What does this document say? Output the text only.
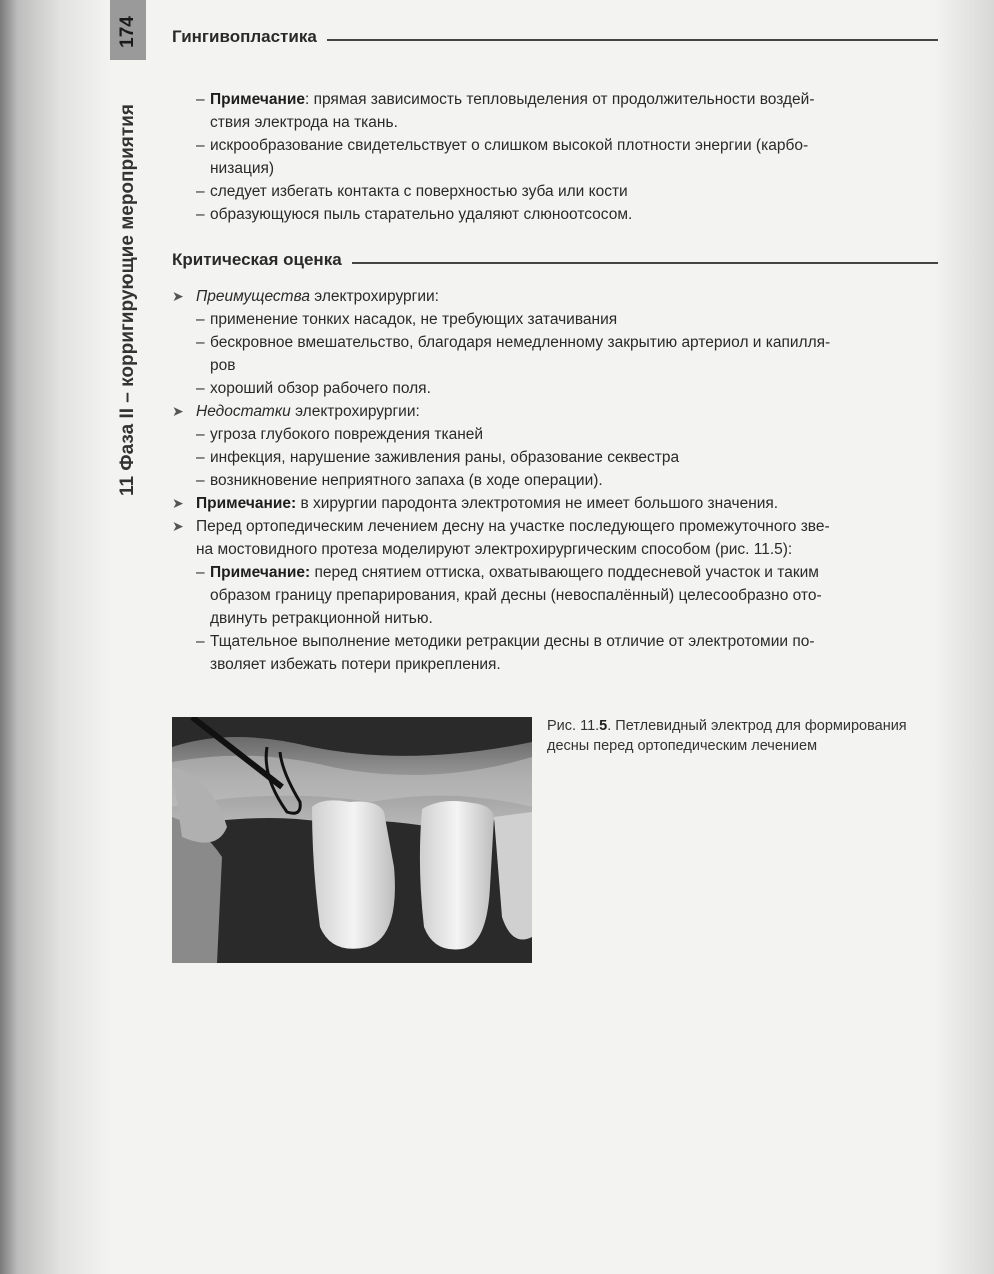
174
11 Фаза II – корригирующие мероприятия
Гингивопластика
– Примечание: прямая зависимость тепловыделения от продолжительности воздей-
ствия электрода на ткань.
– искрообразование свидетельствует о слишком высокой плотности энергии (карбо-
низация)
– следует избегать контакта с поверхностью зуба или кости
– образующуюся пыль старательно удаляют слюноотсосом.
Критическая оценка
➤ Преимущества электрохирургии:
– применение тонких насадок, не требующих затачивания
– бескровное вмешательство, благодаря немедленному закрытию артериол и капилля-
ров
– хороший обзор рабочего поля.
➤ Недостатки электрохирургии:
– угроза глубокого повреждения тканей
– инфекция, нарушение заживления раны, образование секвестра
– возникновение неприятного запаха (в ходе операции).
➤ Примечание: в хирургии пародонта электротомия не имеет большого значения.
➤ Перед ортопедическим лечением десну на участке последующего промежуточного зве-
на мостовидного протеза моделируют электрохирургическим способом (рис. 11.5):
– Примечание: перед снятием оттиска, охватывающего поддесневой участок и таким
образом границу препарирования, край десны (невоспалённый) целесообразно ото-
двинуть ретракционной нитью.
– Тщательное выполнение методики ретракции десны в отличие от электротомии по-
зволяет избежать потери прикрепления.
Рис. 11.5. Петлевидный электрод для формирования
десны перед ортопедическим лечением
